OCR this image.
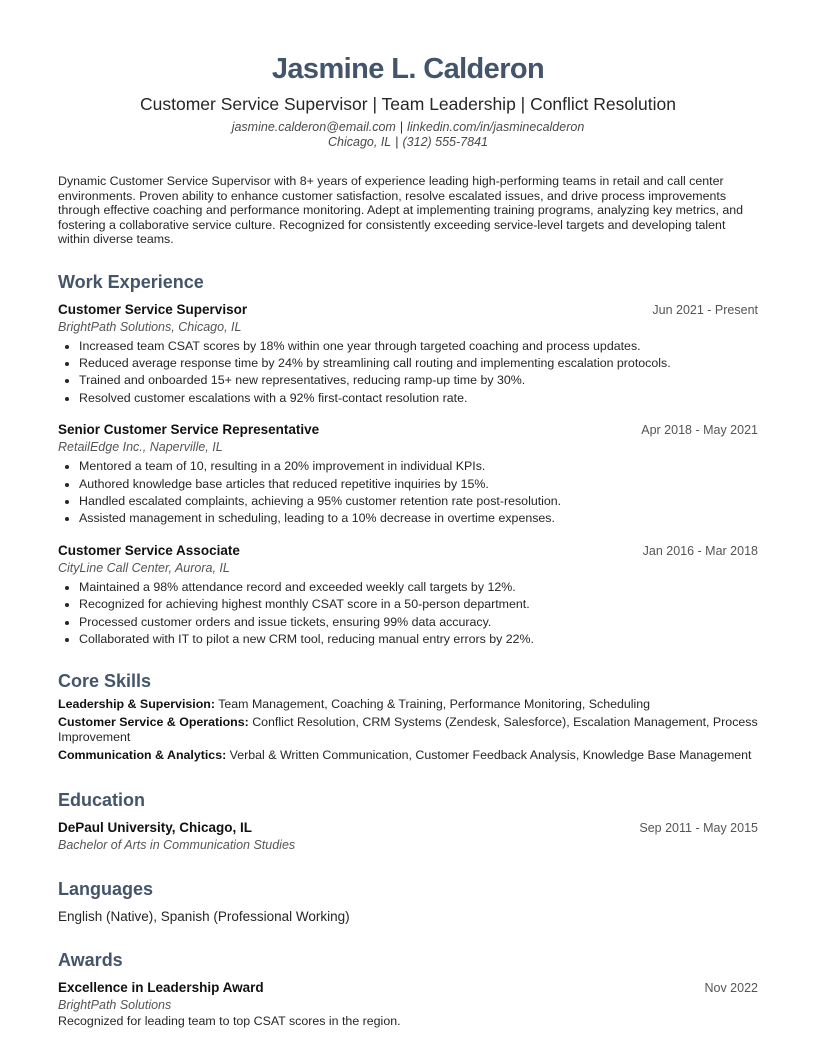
Jasmine L. Calderon
Customer Service Supervisor | Team Leadership | Conflict Resolution
jasmine.calderon@email.com | linkedin.com/in/jasminecalderon
Chicago, IL | (312) 555-7841
Dynamic Customer Service Supervisor with 8+ years of experience leading high-performing teams in retail and call center environments. Proven ability to enhance customer satisfaction, resolve escalated issues, and drive process improvements through effective coaching and performance monitoring. Adept at implementing training programs, analyzing key metrics, and fostering a collaborative service culture. Recognized for consistently exceeding service-level targets and developing talent within diverse teams.
Work Experience
Customer Service Supervisor	Jun 2021 - Present
BrightPath Solutions, Chicago, IL
• Increased team CSAT scores by 18% within one year through targeted coaching and process updates.
• Reduced average response time by 24% by streamlining call routing and implementing escalation protocols.
• Trained and onboarded 15+ new representatives, reducing ramp-up time by 30%.
• Resolved customer escalations with a 92% first-contact resolution rate.
Senior Customer Service Representative	Apr 2018 - May 2021
RetailEdge Inc., Naperville, IL
• Mentored a team of 10, resulting in a 20% improvement in individual KPIs.
• Authored knowledge base articles that reduced repetitive inquiries by 15%.
• Handled escalated complaints, achieving a 95% customer retention rate post-resolution.
• Assisted management in scheduling, leading to a 10% decrease in overtime expenses.
Customer Service Associate	Jan 2016 - Mar 2018
CityLine Call Center, Aurora, IL
• Maintained a 98% attendance record and exceeded weekly call targets by 12%.
• Recognized for achieving highest monthly CSAT score in a 50-person department.
• Processed customer orders and issue tickets, ensuring 99% data accuracy.
• Collaborated with IT to pilot a new CRM tool, reducing manual entry errors by 22%.
Core Skills
Leadership & Supervision: Team Management, Coaching & Training, Performance Monitoring, Scheduling
Customer Service & Operations: Conflict Resolution, CRM Systems (Zendesk, Salesforce), Escalation Management, Process Improvement
Communication & Analytics: Verbal & Written Communication, Customer Feedback Analysis, Knowledge Base Management
Education
DePaul University, Chicago, IL	Sep 2011 - May 2015
Bachelor of Arts in Communication Studies
Languages
English (Native), Spanish (Professional Working)
Awards
Excellence in Leadership Award	Nov 2022
BrightPath Solutions
Recognized for leading team to top CSAT scores in the region.
